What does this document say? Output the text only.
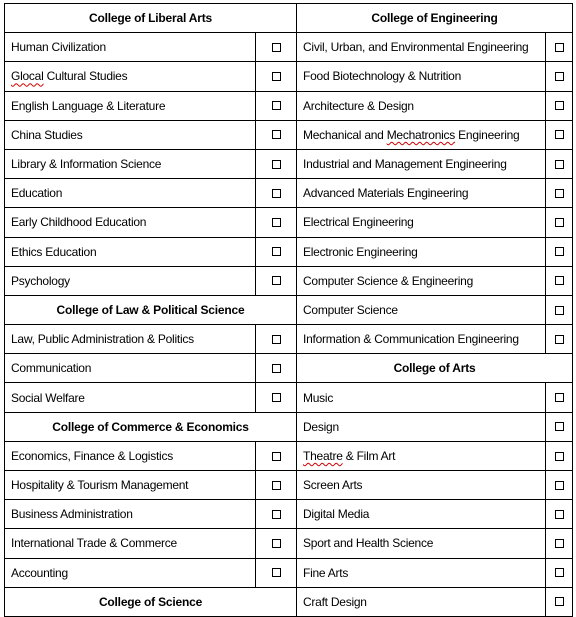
College of Liberal Arts		College of Engineering	
Human Civilization		Civil, Urban, and Environmental Engineering	
Glocal Cultural Studies		Food Biotechnology & Nutrition	
English Language & Literature		Architecture & Design	
China Studies		Mechanical and Mechatronics Engineering	
Library & Information Science		Industrial and Management Engineering	
Education		Advanced Materials Engineering	
Early Childhood Education		Electrical Engineering	
Ethics Education		Electronic Engineering	
Psychology		Computer Science & Engineering	
College of Law & Political Science		Computer Science	
Law, Public Administration & Politics		Information & Communication Engineering	
Communication		College of Arts	
Social Welfare		Music	
College of Commerce & Economics		Design	
Economics, Finance & Logistics		Theatre & Film Art	
Hospitality & Tourism Management		Screen Arts	
Business Administration		Digital Media	
International Trade & Commerce		Sport and Health Science	
Accounting		Fine Arts	
College of Science		Craft Design	
